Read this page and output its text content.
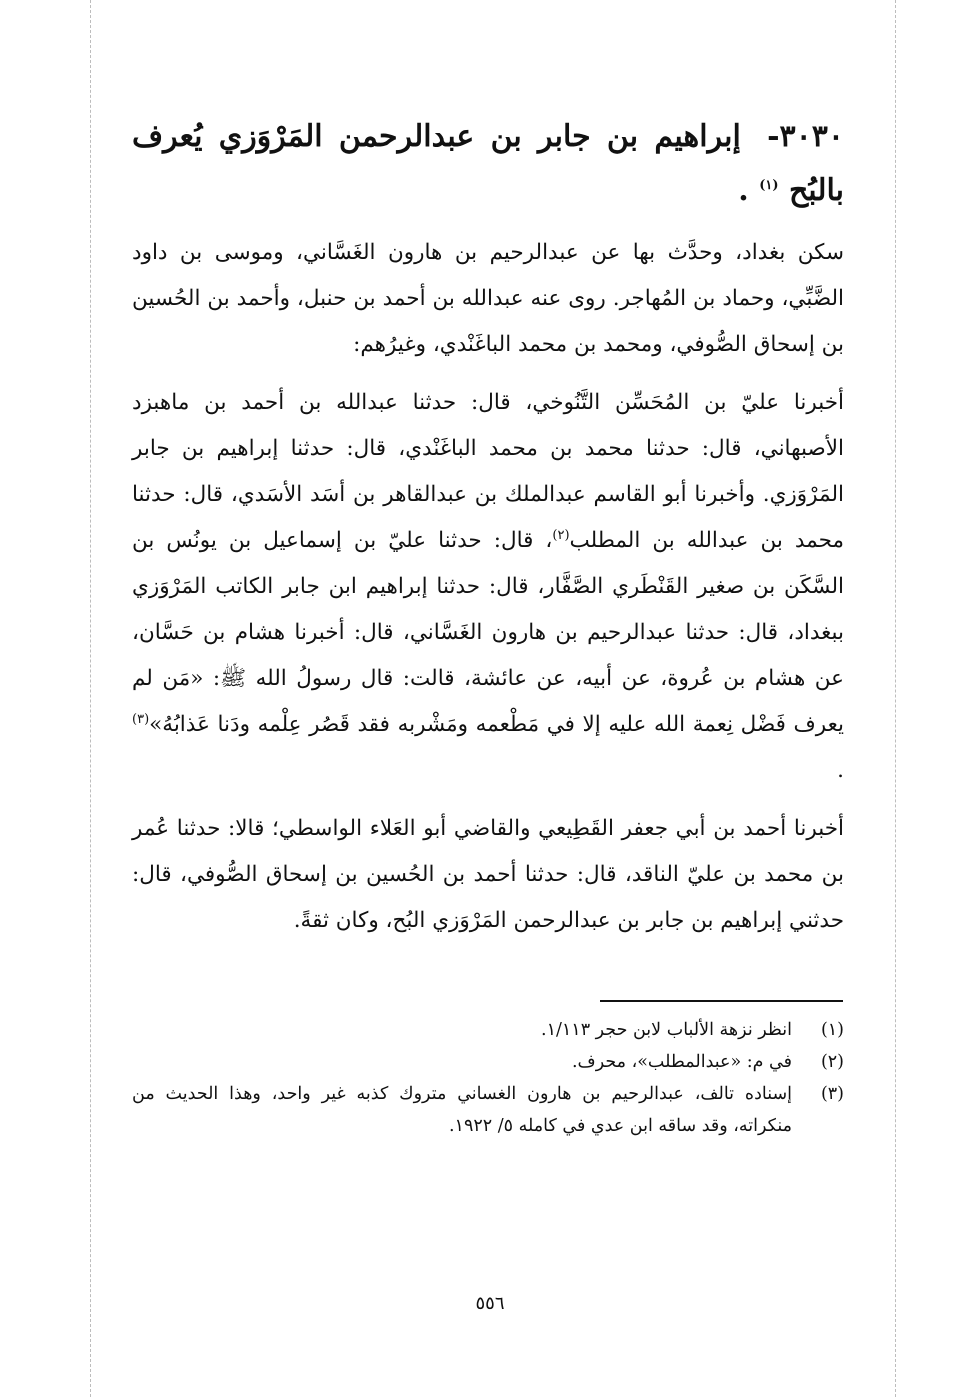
٣٠٣٠- إبراهيم بن جابر بن عبدالرحمن المَرْوَزي يُعرف بالبُح $^{(١)}$ .

سكن بغداد، وحدَّث بها عن عبدالرحيم بن هارون الغَسَّاني، وموسى بن داود الضَّبِّي، وحماد بن المُهاجر. روى عنه عبدالله بن أحمد بن حنبل، وأحمد بن الحُسين بن إسحاق الصُّوفي، ومحمد بن محمد الباغَنْدي، وغيرُهم:

أخبرنا عليّ بن المُحَسِّن التَّنُوخي، قال: حدثنا عبدالله بن أحمد بن ماهبزد الأصبهاني، قال: حدثنا محمد بن محمد الباغَنْدي، قال: حدثنا إبراهيم بن جابر المَرْوَزي. وأخبرنا أبو القاسم عبدالملك بن عبدالقاهر بن أسَد الأسَدي، قال: حدثنا محمد بن عبدالله بن المطلب$^{(٢)}$، قال: حدثنا عليّ بن إسماعيل بن يونُس بن السَّكَن بن صغير القَنْطَري الصَّفَّار، قال: حدثنا إبراهيم ابن جابر الكاتب المَرْوَزي ببغداد، قال: حدثنا عبدالرحيم بن هارون الغَسَّاني، قال: أخبرنا هشام بن حَسَّان، عن هشام بن عُروة، عن أبيه، عن عائشة، قالت: قال رسولُ الله ﷺ: «مَن لم يعرف فَضْل نِعمة الله عليه إلا في مَطْعمه ومَشْربه فقد قَصُر عِلْمه ودَنا عَذابُهُ»$^{(٣)}$ .

أخبرنا أحمد بن أبي جعفر القَطِيعي والقاضي أبو العَلاء الواسطي؛ قالا: حدثنا عُمر بن محمد بن عليّ الناقد، قال: حدثنا أحمد بن الحُسين بن إسحاق الصُّوفي، قال: حدثني إبراهيم بن جابر بن عبدالرحمن المَرْوَزي البُح، وكان ثقةً.

(١)
انظر نزهة الألباب لابن حجر ١/١١٣.
(٢)
في م: «عبدالمطلب»، محرف.
(٣)
إسناده تالف، عبدالرحيم بن هارون الغساني متروك كذبه غير واحد، وهذا الحديث من منكراته، وقد ساقه ابن عدي في كامله ٥/ ١٩٢٢.
٥٥٦
